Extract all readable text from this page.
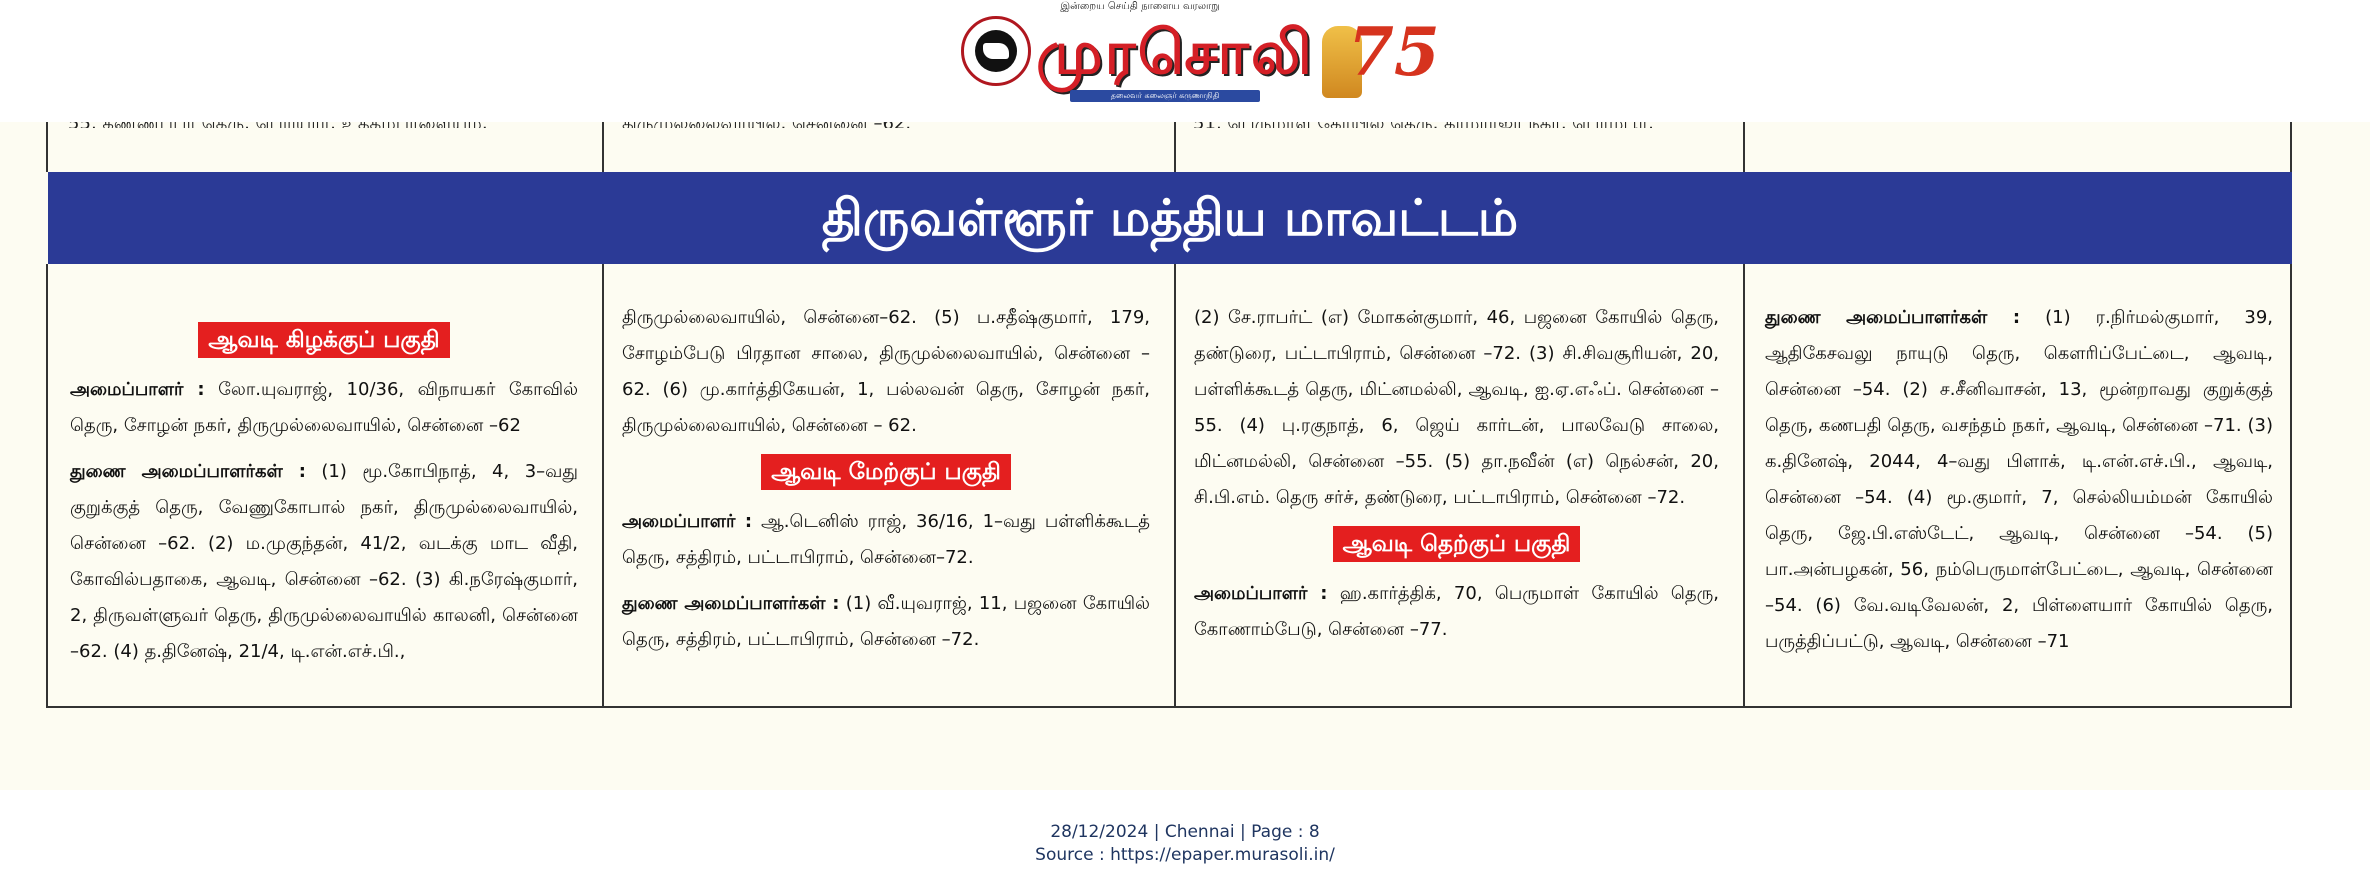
இன்றைய செய்தி நாளைய வரலாறு
முரசொலி
தலைவர் கலைஞர் கருணாநிதி
75
திருவள்ளூர் மத்திய மாவட்டம்
ஆவடி கிழக்குப் பகுதி

அமைப்பாளர் : லோ.யுவராஜ், 10/36, விநாயகர் கோவில் தெரு, சோழன் நகர், திருமுல்லைவாயில், சென்னை –62

துணை அமைப்பாளர்கள் : (1) மூ.கோபிநாத், 4, 3–வது குறுக்குத் தெரு, வேணுகோபால் நகர், திருமுல்லைவாயில், சென்னை –62. (2) ம.முகுந்தன், 41/2, வடக்கு மாட வீதி, கோவில்பதாகை, ஆவடி, சென்னை –62. (3) கி.நரேஷ்குமார், 2, திருவள்ளுவர் தெரு, திருமுல்லைவாயில் காலனி, சென்னை –62. (4) த.தினேஷ், 21/4, டி.என்.எச்.பி.,

திருமுல்லைவாயில், சென்னை–62. (5) ப.சதீஷ்குமார், 179, சோழம்பேடு பிரதான சாலை, திருமுல்லைவாயில், சென்னை –62. (6) மு.கார்த்திகேயன், 1, பல்லவன் தெரு, சோழன் நகர், திருமுல்லைவாயில், சென்னை – 62.

ஆவடி மேற்குப் பகுதி

அமைப்பாளர் : ஆ.டெனிஸ் ராஜ், 36/16, 1–வது பள்ளிக்கூடத் தெரு, சத்திரம், பட்டாபிராம், சென்னை–72.

துணை அமைப்பாளர்கள் : (1) வீ.யுவராஜ், 11, பஜனை கோயில் தெரு, சத்திரம், பட்டாபிராம், சென்னை –72.

(2) சே.ராபர்ட் (எ) மோகன்குமார், 46, பஜனை கோயில் தெரு, தண்டுரை, பட்டாபிராம், சென்னை –72. (3) சி.சிவசூரியன், 20, பள்ளிக்கூடத் தெரு, மிட்னமல்லி, ஆவடி, ஐ.ஏ.எஃப். சென்னை –55. (4) பு.ரகுநாத், 6, ஜெய் கார்டன், பாலவேடு சாலை, மிட்னமல்லி, சென்னை –55. (5) தா.நவீன் (எ) நெல்சன், 20, சி.பி.எம். தெரு சர்ச், தண்டுரை, பட்டாபிராம், சென்னை –72.

ஆவடி தெற்குப் பகுதி

அமைப்பாளர் : ஹ.கார்த்திக், 70, பெருமாள் கோயில் தெரு, கோணாம்பேடு, சென்னை –77.

துணை அமைப்பாளர்கள் : (1) ர.நிர்மல்குமார், 39, ஆதிகேசவலு நாயுடு தெரு, கௌரிப்பேட்டை, ஆவடி, சென்னை –54. (2) ச.சீனிவாசன், 13, மூன்றாவது குறுக்குத் தெரு, கணபதி தெரு, வசந்தம் நகர், ஆவடி, சென்னை –71. (3) க.தினேஷ், 2044, 4–வது பிளாக், டி.என்.எச்.பி., ஆவடி, சென்னை –54. (4) மூ.குமார், 7, செல்லியம்மன் கோயில் தெரு, ஜே.பி.எஸ்டேட், ஆவடி, சென்னை –54. (5) பா.அன்பழகன், 56, நம்பெருமாள்பேட்டை, ஆவடி, சென்னை –54. (6) வே.வடிவேலன், 2, பிள்ளையார் கோயில் தெரு, பருத்திப்பட்டு, ஆவடி, சென்னை –71

28/12/2024 | Chennai | Page : 8
Source : https://epaper.murasoli.in/
